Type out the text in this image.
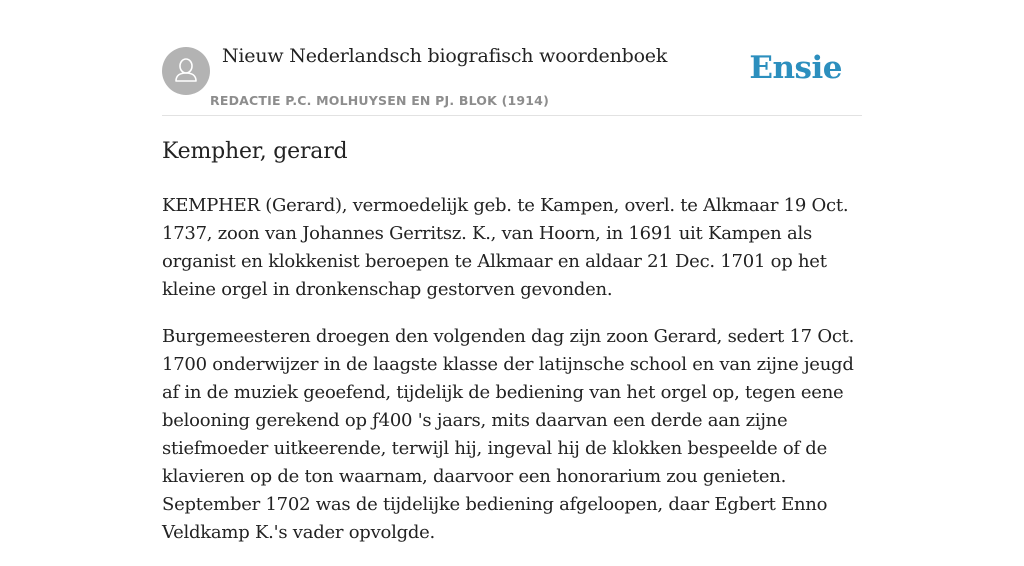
Nieuw Nederlandsch biografisch woordenboek
REDACTIE P.C. MOLHUYSEN EN PJ. BLOK (1914)
Ensie
Kempher, gerard

KEMPHER (Gerard), vermoedelijk geb. te Kampen, overl. te Alkmaar 19 Oct. 1737, zoon van Johannes Gerritsz. K., van Hoorn, in 1691 uit Kampen als organist en klokkenist beroepen te Alkmaar en aldaar 21 Dec. 1701 op het kleine orgel in dronkenschap gestorven gevonden.

Burgemeesteren droegen den volgenden dag zijn zoon Gerard, sedert 17 Oct. 1700 onderwijzer in de laagste klasse der latijnsche school en van zijne jeugd af in de muziek geoefend, tijdelijk de bediening van het orgel op, tegen eene belooning gerekend op ƒ400 's jaars, mits daarvan een derde aan zijne stiefmoeder uitkeerende, terwijl hij, ingeval hij de klokken bespeelde of de klavieren op de ton waarnam, daarvoor een honorarium zou genieten. September 1702 was de tijdelijke bediening afgeloopen, daar Egbert Enno Veldkamp K.'s vader opvolgde.
